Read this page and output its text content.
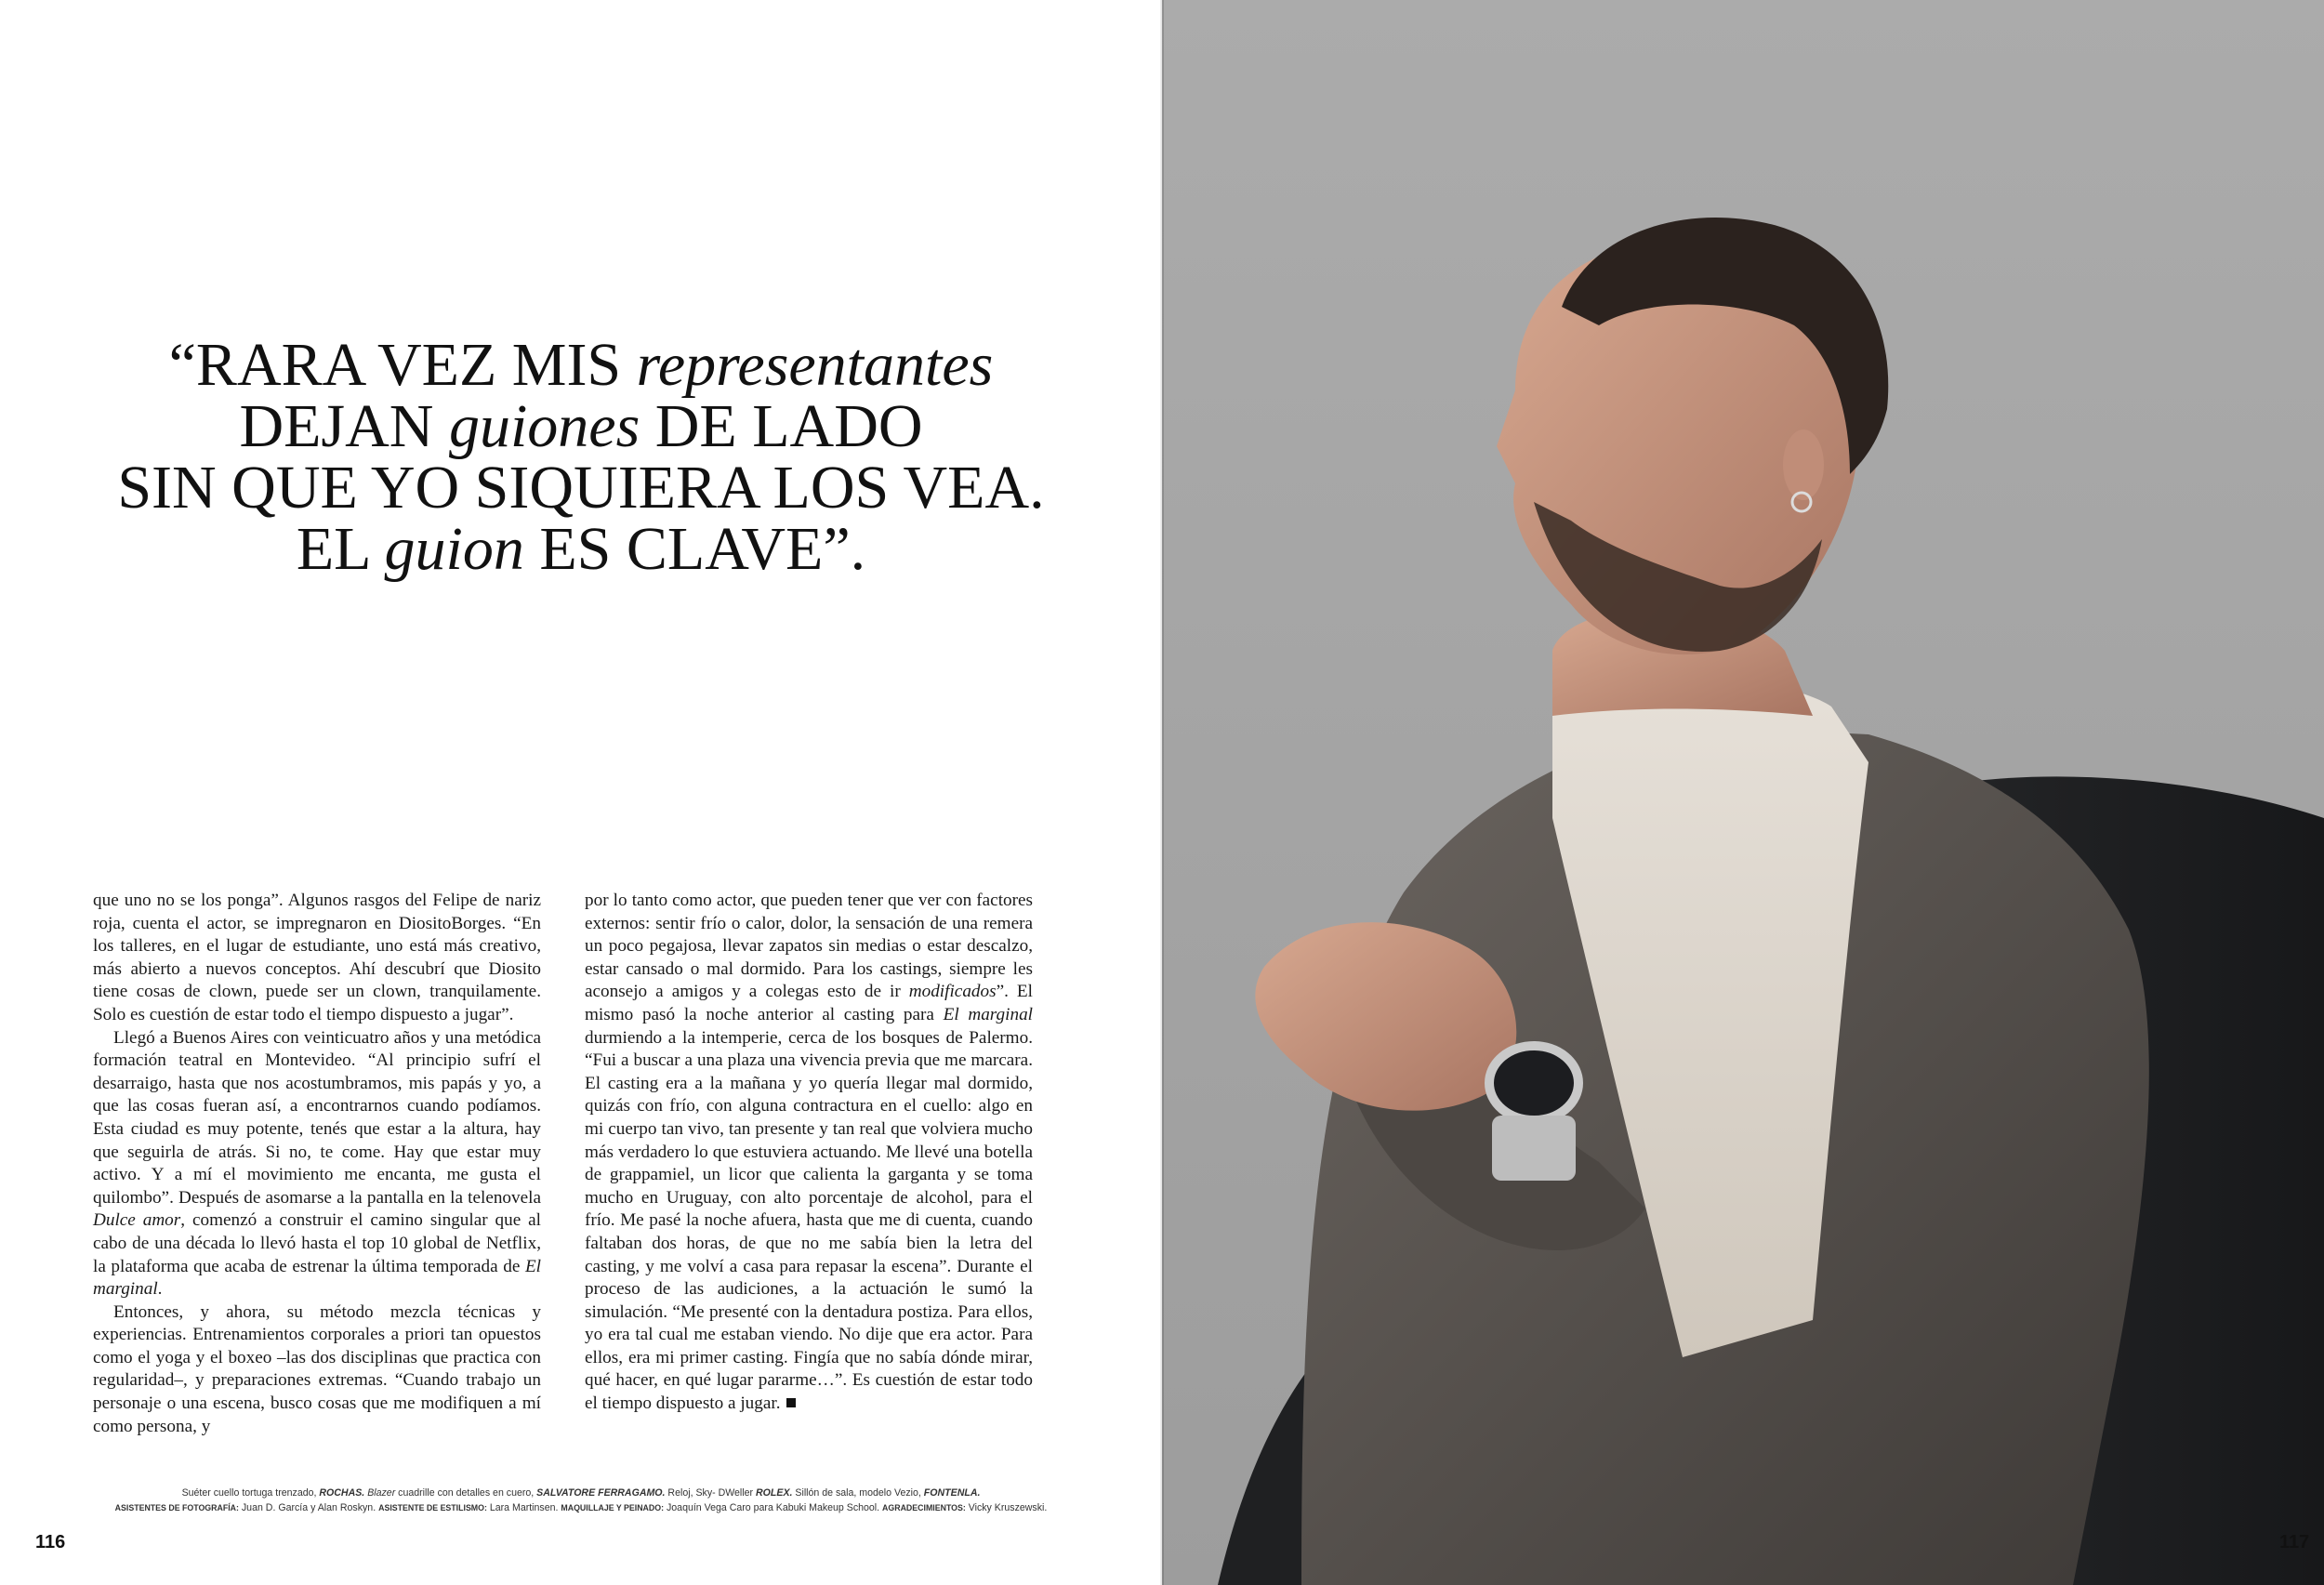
“RARA VEZ MIS representantes
DEJAN guiones DE LADO
SIN QUE YO SIQUIERA LOS VEA.
EL guion ES CLAVE”.

que uno no se los ponga”. Algunos rasgos del Felipe de nariz roja, cuenta el actor, se impregnaron en DiositoBorges. “En los talleres, en el lugar de estudiante, uno está más creativo, más abierto a nuevos conceptos. Ahí descubrí que Diosito tiene cosas de clown, puede ser un clown, tranquilamente. Solo es cuestión de estar todo el tiempo dispuesto a jugar”.

Llegó a Buenos Aires con veinticuatro años y una metódica formación teatral en Montevideo. “Al principio sufrí el desarraigo, hasta que nos acostumbramos, mis papás y yo, a que las cosas fueran así, a encontrarnos cuando podíamos. Esta ciudad es muy potente, tenés que estar a la altura, hay que seguirla de atrás. Si no, te come. Hay que estar muy activo. Y a mí el movimiento me encanta, me gusta el quilombo”. Después de asomarse a la pantalla en la telenovela Dulce amor, comenzó a construir el camino singular que al cabo de una década lo llevó hasta el top 10 global de Netflix, la plataforma que acaba de estrenar la última temporada de El marginal.

Entonces, y ahora, su método mezcla técnicas y experiencias. Entrenamientos corporales a priori tan opuestos como el yoga y el boxeo –las dos disciplinas que practica con regularidad–, y preparaciones extremas. “Cuando trabajo un personaje o una escena, busco cosas que me modifiquen a mí como persona, y

por lo tanto como actor, que pueden tener que ver con factores externos: sentir frío o calor, dolor, la sensación de una remera un poco pegajosa, llevar zapatos sin medias o estar descalzo, estar cansado o mal dormido. Para los castings, siempre les aconsejo a amigos y a colegas esto de ir modificados”. El mismo pasó la noche anterior al casting para El marginal durmiendo a la intemperie, cerca de los bosques de Palermo. “Fui a buscar a una plaza una vivencia previa que me marcara. El casting era a la mañana y yo quería llegar mal dormido, quizás con frío, con alguna contractura en el cuello: algo en mi cuerpo tan vivo, tan presente y tan real que volviera mucho más verdadero lo que estuviera actuando. Me llevé una botella de grappamiel, un licor que calienta la garganta y se toma mucho en Uruguay, con alto porcentaje de alcohol, para el frío. Me pasé la noche afuera, hasta que me di cuenta, cuando faltaban dos horas, de que no me sabía bien la letra del casting, y me volví a casa para repasar la escena”. Durante el proceso de las audiciones, a la actuación le sumó la simulación. “Me presenté con la dentadura postiza. Para ellos, yo era tal cual me estaban viendo. No dije que era actor. Para ellos, era mi primer casting. Fingía que no sabía dónde mirar, qué hacer, en qué lugar pararme…”. Es cuestión de estar todo el tiempo dispuesto a jugar.

Suéter cuello tortuga trenzado, ROCHAS. Blazer cuadrille con detalles en cuero, SALVATORE FERRAGAMO. Reloj, Sky- DWeller ROLEX. Sillón de sala, modelo Vezio, FONTENLA.
ASISTENTES DE FOTOGRAFÍA: Juan D. García y Alan Roskyn. ASISTENTE DE ESTILISMO: Lara Martinsen. MAQUILLAJE Y PEINADO: Joaquín Vega Caro para Kabuki Makeup School. AGRADECIMIENTOS: Vicky Kruszewski.
116	117
